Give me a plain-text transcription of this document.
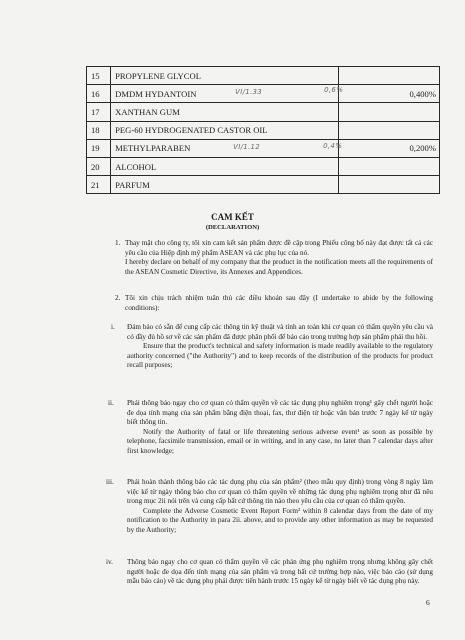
15	PROPYLENE GLYCOL	
16	DMDM HYDANTOIN VI/1.33 0,6%	0,400%
17	XANTHAN GUM	
18	PEG-60 HYDROGENATED CASTOR OIL	
19	METHYLPARABEN VI/1.12 0,4%	0,200%
20	ALCOHOL	
21	PARFUM	
CAM KẾT
(DECLARATION)
1. Thay mặt cho công ty, tôi xin cam kết sản phẩm được đề cập trong Phiếu công bố này đạt được tất cả các yêu cầu của Hiệp định mỹ phẩm ASEAN và các phụ lục của nó.

I hereby declare on behalf of my company that the product in the notification meets all the requirements of the ASEAN Cosmetic Directive, its Annexes and Appendices.

2. Tôi xin chịu trách nhiệm tuân thủ các điều khoản sau đây (I undertake to abide by the following conditions):

i. Đảm bảo có sẵn để cung cấp các thông tin kỹ thuật và tính an toàn khi cơ quan có thẩm quyền yêu cầu và có đầy đủ hồ sơ về các sản phẩm đã được phân phối để báo cáo trong trường hợp sản phẩm phải thu hồi.

Ensure that the product's technical and safety information is made readily available to the regulatory authority concerned ("the Authority") and to keep records of the distribution of the products for product recall purposes;

ii. Phải thông báo ngay cho cơ quan có thẩm quyền về các tác dụng phụ nghiêm trọng¹ gây chết người hoặc đe dọa tính mạng của sản phẩm bằng điện thoại, fax, thư điện tử hoặc văn bản trước 7 ngày kể từ ngày biết thông tin.

Notify the Authority of fatal or life threatening serious adverse event¹ as soon as possible by telephone, facsimile transmission, email or in writing, and in any case, no later than 7 calendar days after first knowledge;

iii. Phải hoàn thành thông báo các tác dụng phụ của sản phẩm² (theo mẫu quy định) trong vòng 8 ngày làm việc kể từ ngày thông báo cho cơ quan có thẩm quyền về những tác dụng phụ nghiêm trọng như đã nêu trong mục 2ii nói trên và cung cấp bất cứ thông tin nào theo yêu cầu của cơ quan có thẩm quyền.

Complete the Adverse Cosmetic Event Report Form² within 8 calendar days from the date of my notification to the Authority in para 2ii. above, and to provide any other information as may be requested by the Authority;

iv. Thông báo ngay cho cơ quan có thẩm quyền về các phản ứng phụ nghiêm trọng nhưng không gây chết người hoặc đe dọa đến tính mạng của sản phẩm và trong bất cứ trường hợp nào, việc báo cáo (sử dụng mẫu báo cáo) về tác dụng phụ phải được tiến hành trước 15 ngày kể từ ngày biết về tác dụng phụ này.

6
